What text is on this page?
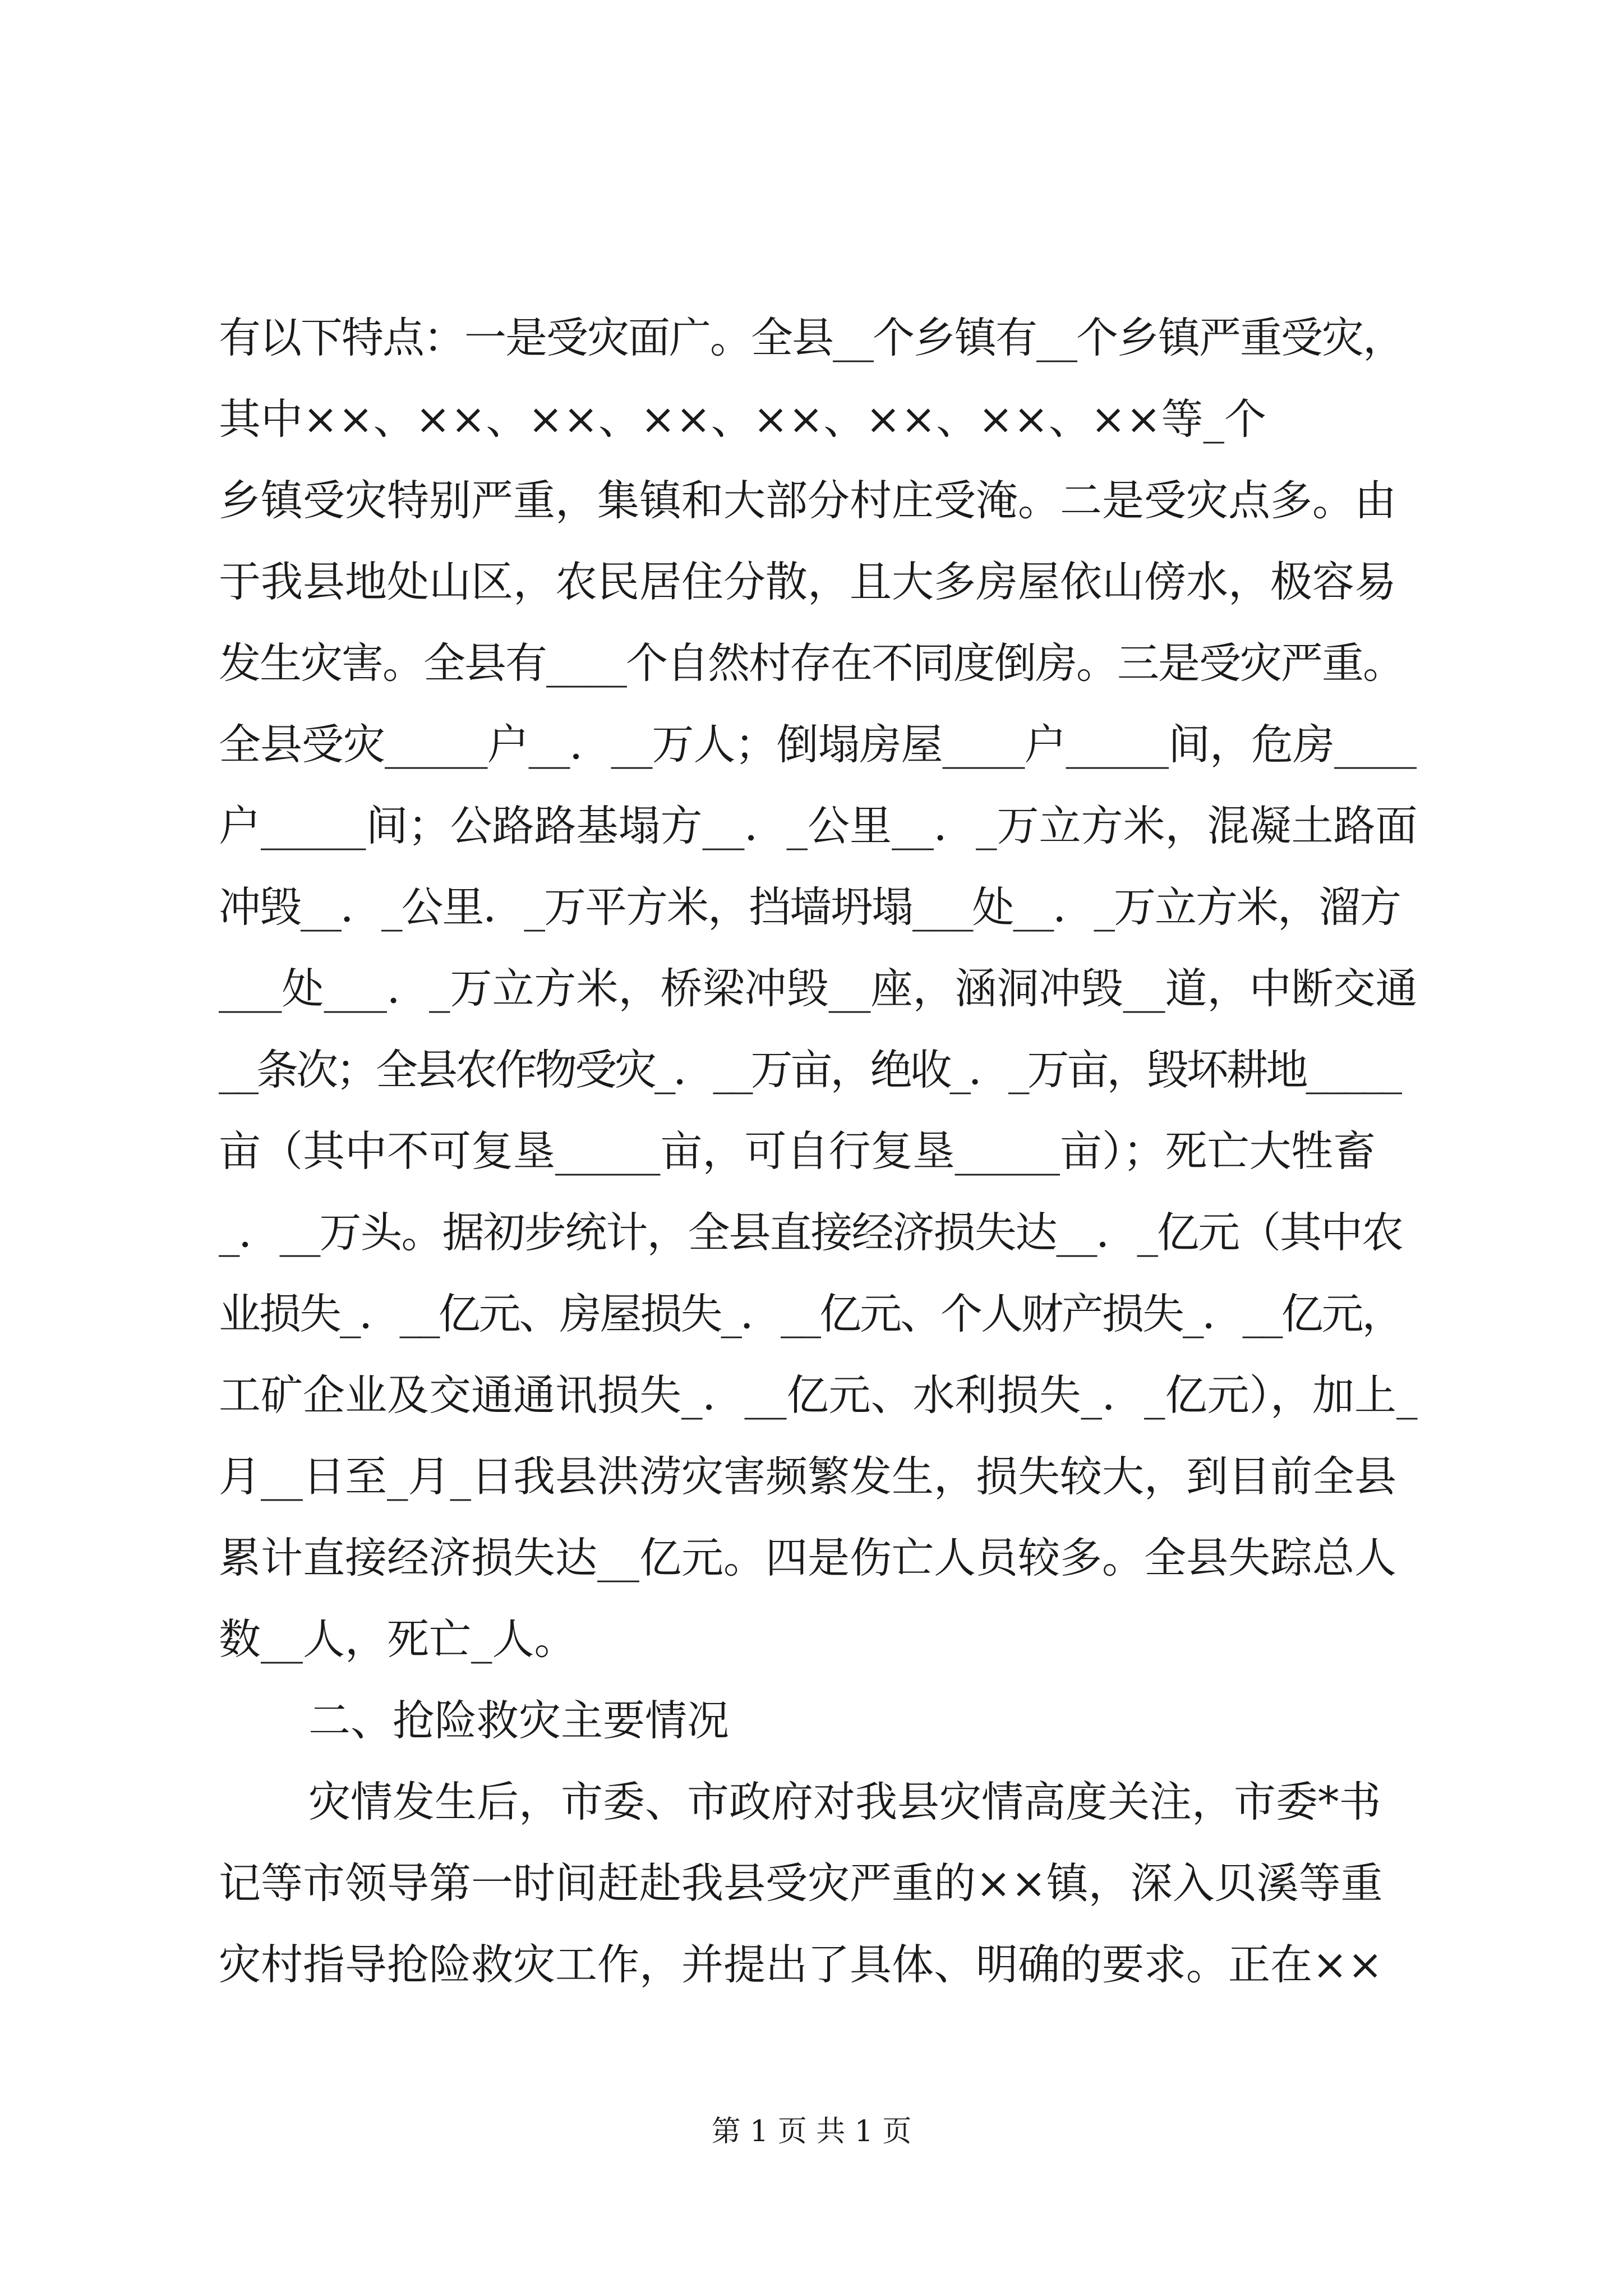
有以下特点：一是受灾面广。全县__个乡镇有__个乡镇严重受灾，
其中××、××、××、××、××、××、××、××等_个
乡镇受灾特别严重，集镇和大部分村庄受淹。二是受灾点多。由
于我县地处山区，农民居住分散，且大多房屋依山傍水，极容易
发生灾害。全县有____个自然村存在不同度倒房。三是受灾严重。
全县受灾_____户__．__万人；倒塌房屋____户_____间，危房____
户_____间；公路路基塌方__．_公里__．_万立方米，混凝土路面
冲毁__．_公里．_万平方米，挡墙坍塌___处__．_万立方米，溜方
___处___．_万立方米，桥梁冲毁__座，涵洞冲毁__道，中断交通
__条次；全县农作物受灾_．__万亩，绝收_．_万亩，毁坏耕地_____
亩（其中不可复垦_____亩，可自行复垦_____亩）；死亡大牲畜
_．__万头。据初步统计，全县直接经济损失达__．_亿元（其中农
业损失_．__亿元、房屋损失_．__亿元、个人财产损失_．__亿元，
工矿企业及交通通讯损失_．__亿元、水利损失_．_亿元），加上_
月__日至_月_日我县洪涝灾害频繁发生，损失较大，到目前全县
累计直接经济损失达__亿元。四是伤亡人员较多。全县失踪总人
数__人，死亡_人。
二、抢险救灾主要情况
灾情发生后，市委、市政府对我县灾情高度关注，市委*书
记等市领导第一时间赶赴我县受灾严重的××镇，深入贝溪等重
灾村指导抢险救灾工作，并提出了具体、明确的要求。正在××
第 1 页 共 1 页
